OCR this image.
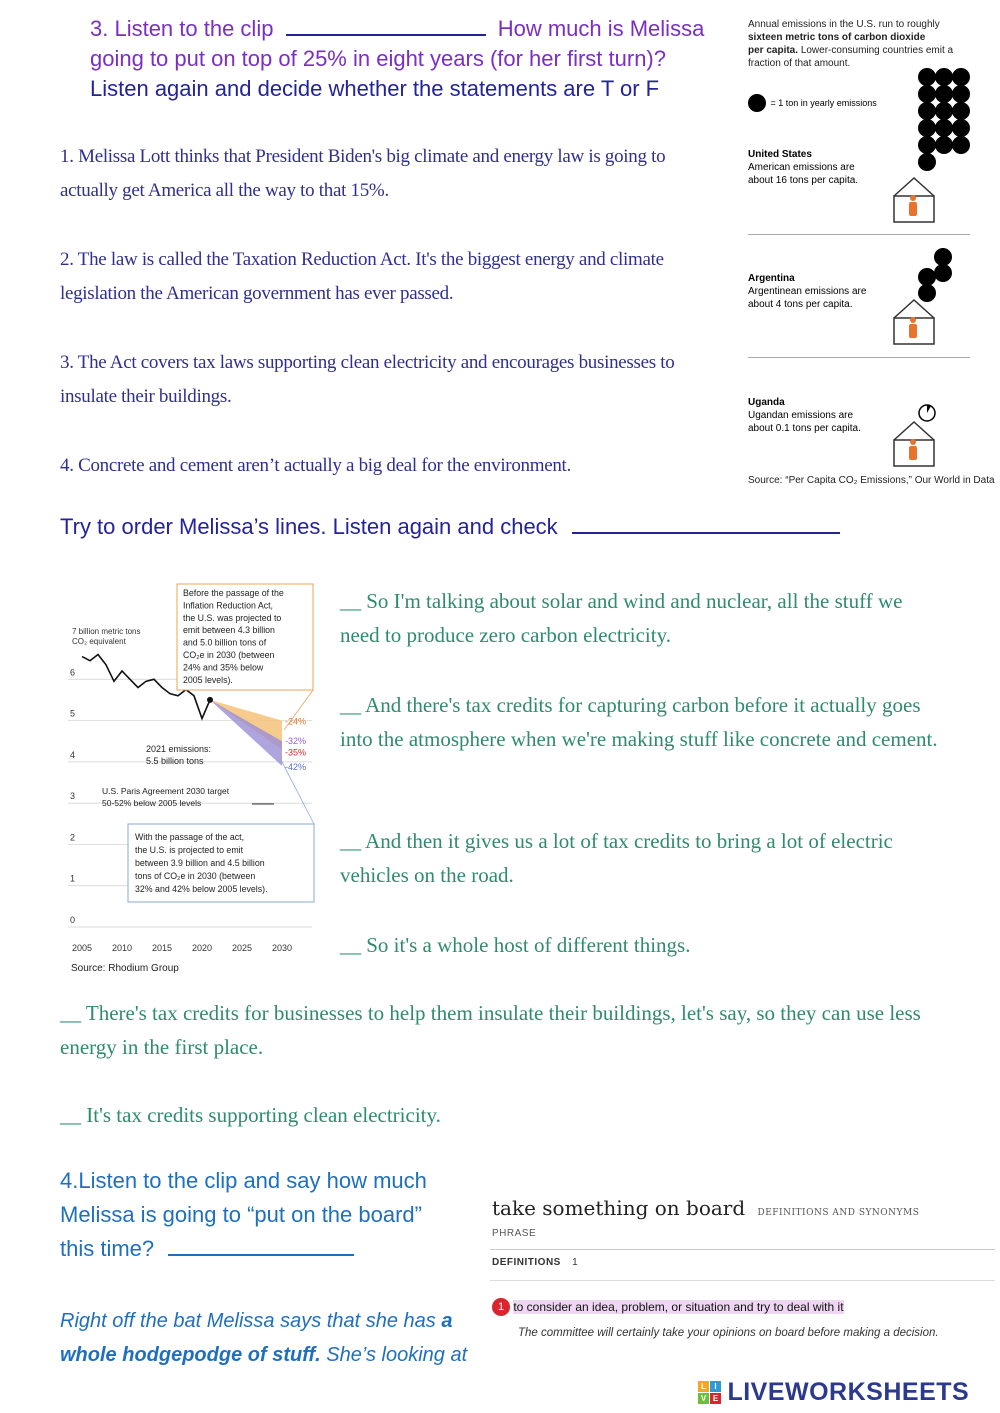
3. Listen to the clip	How much is Melissa going to put on top of 25% in eight years (for her first turn)?
Listen again and decide whether the statements are T or F
1. Melissa Lott thinks that President Biden's big climate and energy law is going to actually get America all the way to that 15%.
2. The law is called the Taxation Reduction Act. It's the biggest energy and climate legislation the American government has ever passed.
3. The Act covers tax laws supporting clean electricity and encourages businesses to insulate their buildings.
4. Concrete and cement aren’t actually a big deal for the environment.
Annual emissions in the U.S. run to roughly
sixteen metric tons of carbon dioxide
per capita. Lower-consuming countries emit a fraction of that amount.
= 1 ton in yearly emissions
United States
American emissions are about 16 tons per capita.
Argentina
Argentinean emissions are about 4 tons per capita.
Uganda
Ugandan emissions are about 0.1 tons per capita.
Source: “Per Capita CO₂ Emissions,” Our World in Data
Try to order Melissa’s lines. Listen again and check
0
1
2
3
4
5
6
2005 2010 2015 2020 2025 2030
-24%
-32%
-35%
-42%
Before the passage of the
Inflation Reduction Act,
the U.S. was projected to
emit between 4.3 billion
and 5.0 billion tons of
CO₂e in 2030 (between
24% and 35% below
2005 levels).
2021 emissions:
5.5 billion tons
U.S. Paris Agreement 2030 target
50-52% below 2005 levels
With the passage of the act,
the U.S. is projected to emit
between 3.9 billion and 4.5 billion
tons of CO₂e in 2030 (between
32% and 42% below 2005 levels).
7 billion metric tons CO₂ equivalent
Source: Rhodium Group
__ So I'm talking about solar and wind and nuclear, all the stuff we need to produce zero carbon electricity.
__ And there's tax credits for capturing carbon before it actually goes into the atmosphere when we're making stuff like concrete and cement.
__ And then it gives us a lot of tax credits to bring a lot of electric vehicles on the road.
__ So it's a whole host of different things.
__ There's tax credits for businesses to help them insulate their buildings, let's say, so they can use less energy in the first place.
__ It's tax credits supporting clean electricity.
4.Listen to the clip and say how much Melissa is going to “put on the board” this time?
Right off the bat Melissa says that she has a whole hodgepodge of stuff. She’s looking at
take something on board DEFINITIONS AND SYNONYMS
PHRASE
DEFINITIONS 1
1 to consider an idea, problem, or situation and try to deal with it
The committee will certainly take your opinions on board before making a decision.
L	I
V E LIVEWORKSHEETS
